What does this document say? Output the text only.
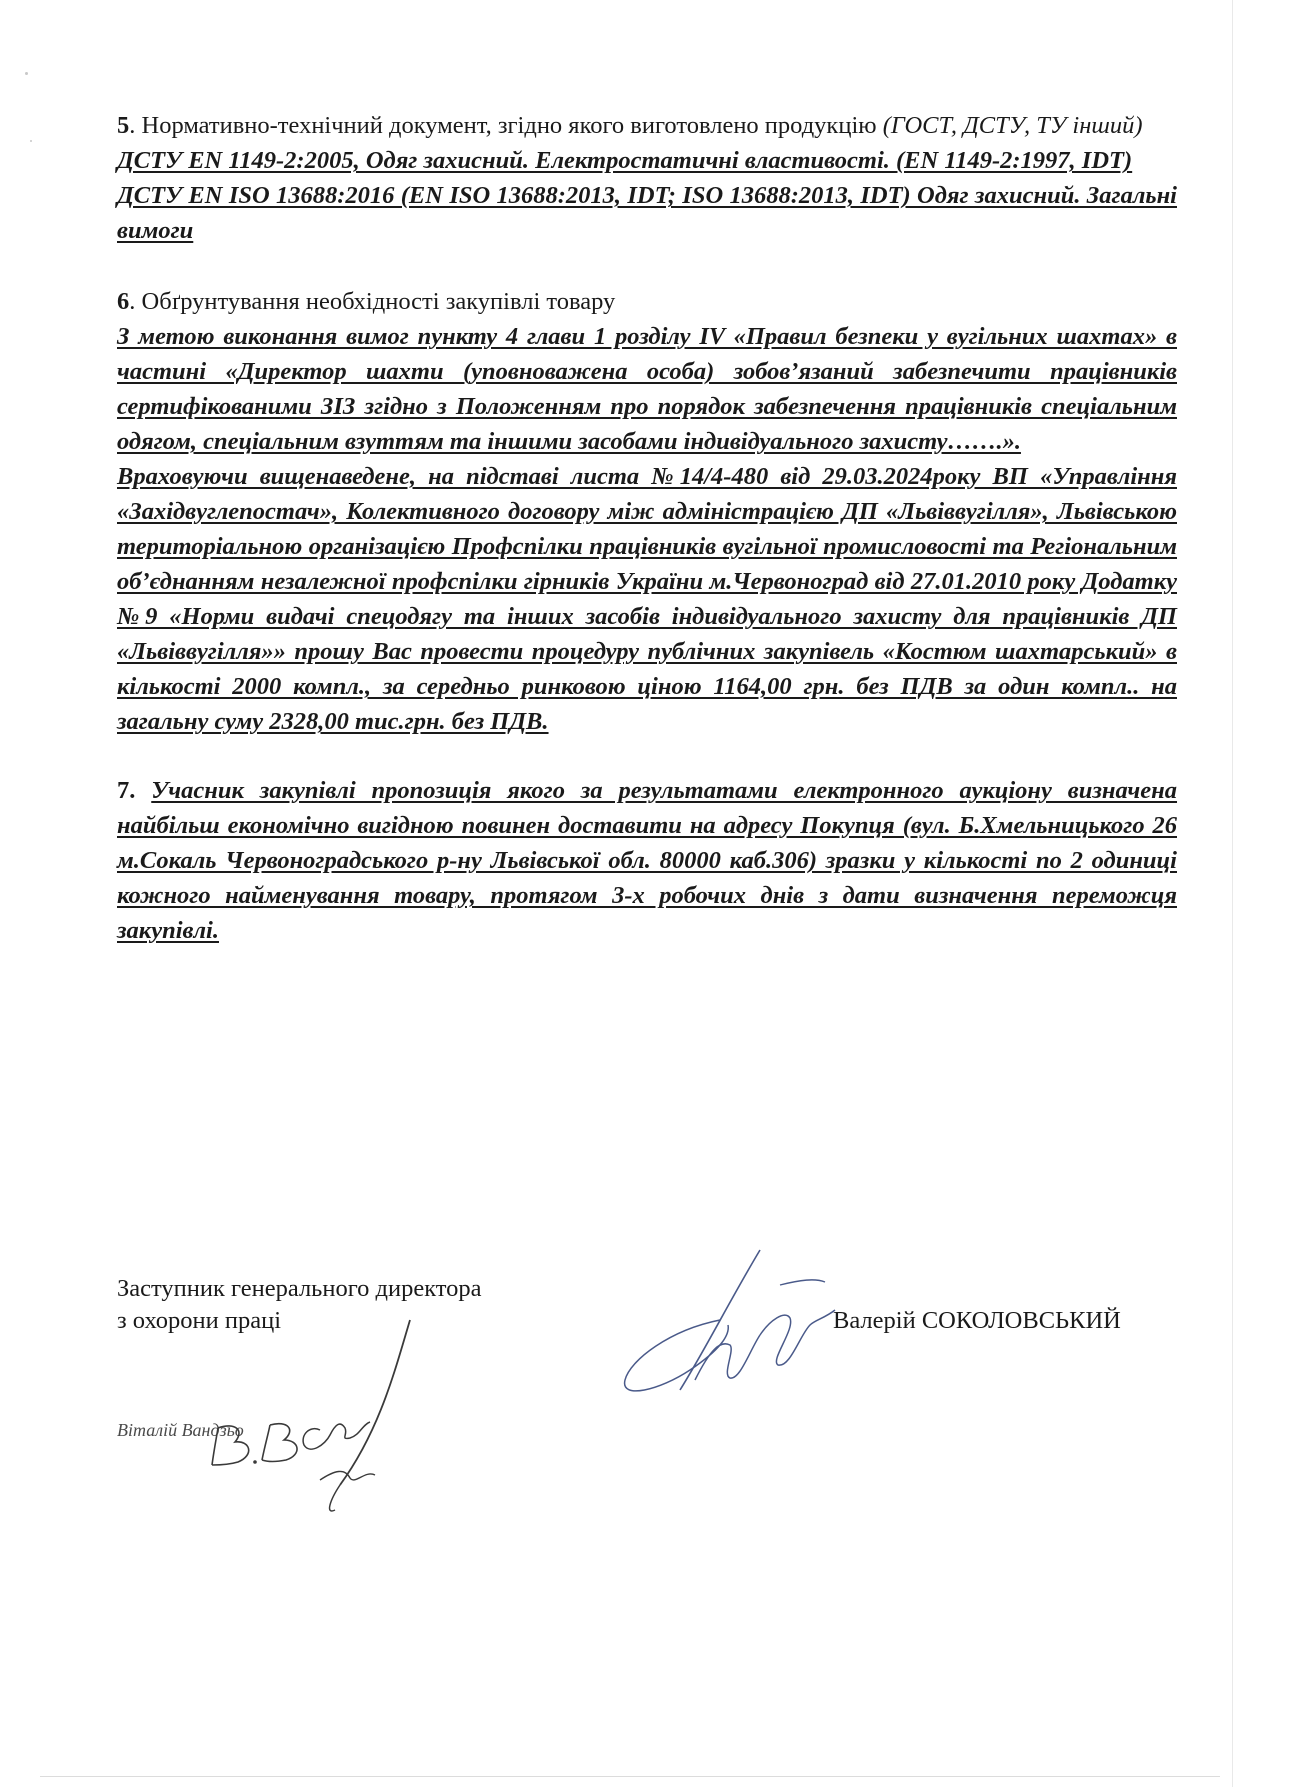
5. Нормативно-технічний документ, згідно якого виготовлено продукцію (ГОСТ, ДСТУ, ТУ інший)

ДСТУ EN 1149-2:2005, Одяг захисний. Електростатичні властивості. (EN 1149-2:1997, IDT)

ДСТУ EN ISO 13688:2016 (EN ISO 13688:2013, IDT; ISO 13688:2013, IDT) Одяг захисний. Загальні вимоги

6. Обґрунтування необхідності закупівлі товару

З метою виконання вимог пункту 4 глави 1 розділу IV «Правил безпеки у вугільних шахтах» в частині «Директор шахти (уповноважена особа) зобов’язаний забезпечити працівників сертифікованими ЗІЗ згідно з Положенням про порядок забезпечення працівників спеціальним одягом, спеціальним взуттям та іншими засобами індивідуального захисту…….».

Враховуючи вищенаведене, на підставі листа №14/4-480 від 29.03.2024року ВП «Управління «Західвуглепостач», Колективного договору між адміністрацією ДП «Львіввугілля», Львівською територіальною організацією Профспілки працівників вугільної промисловості та Регіональним об’єднанням незалежної профспілки гірників України м.Червоноград від 27.01.2010 року Додатку №9 «Норми видачі спецодягу та інших засобів індивідуального захисту для працівників ДП «Львіввугілля»» прошу Вас провести процедуру публічних закупівель «Костюм шахтарський» в кількості 2000 компл., за середньо ринковою ціною 1164,00 грн. без ПДВ за один компл.. на загальну суму 2328,00 тис.грн. без ПДВ.

7. Учасник закупівлі пропозиція якого за результатами електронного аукціону визначена найбільш економічно вигідною повинен доставити на адресу Покупця (вул. Б.Хмельницького 26 м.Сокаль Червоноградського р-ну Львівської обл. 80000 каб.306) зразки у кількості по 2 одиниці кожного найменування товару, протягом 3-х робочих днів з дати визначення переможця закупівлі.

Заступник генерального директора
з охорони праці	Валерій СОКОЛОВСЬКИЙ
Віталій Вандзьо
